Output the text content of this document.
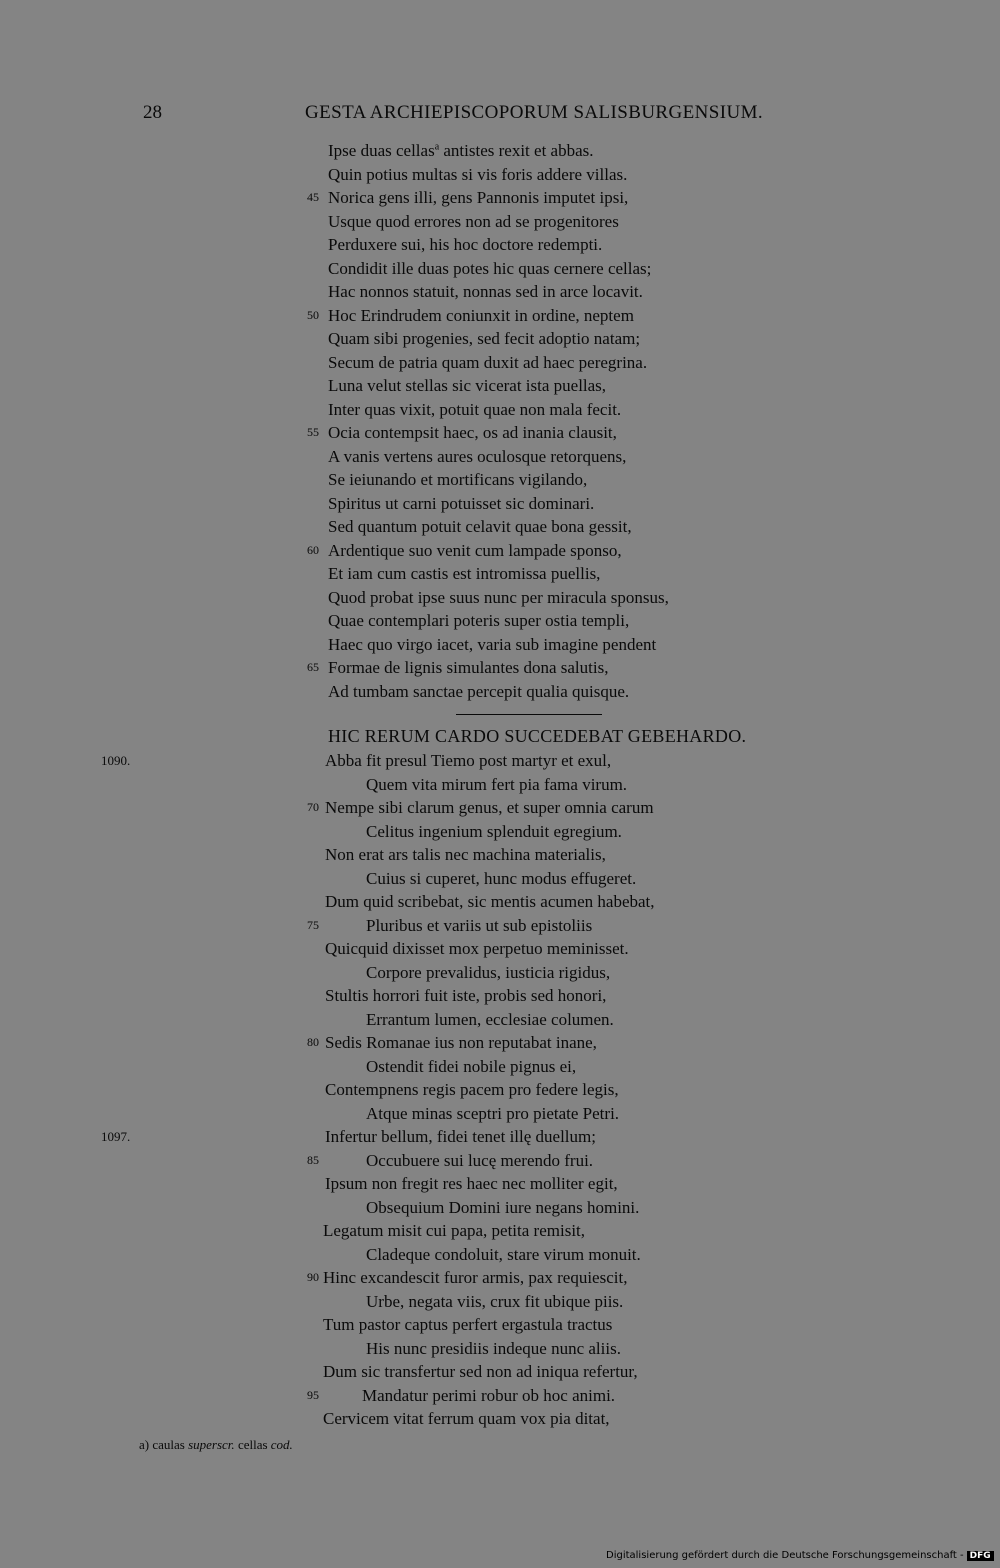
28	GESTA ARCHIEPISCOPORUM SALISBURGENSIUM.
Ipse duas cellas$^a$ antistes rexit et abbas.
Quin potius multas si vis foris addere villas.
45 Norica gens illi, gens Pannonis imputet ipsi,
Usque quod errores non ad se progenitores
Perduxere sui, his hoc doctore redempti.
Condidit ille duas potes hic quas cernere cellas;
Hac nonnos statuit, nonnas sed in arce locavit.
50 Hoc Erindrudem coniunxit in ordine, neptem
Quam sibi progenies, sed fecit adoptio natam;
Secum de patria quam duxit ad haec peregrina.
Luna velut stellas sic vicerat ista puellas,
Inter quas vixit, potuit quae non mala fecit.
55 Ocia contempsit haec, os ad inania clausit,
A vanis vertens aures oculosque retorquens,
Se ieiunando et mortificans vigilando,
Spiritus ut carni potuisset sic dominari.
Sed quantum potuit celavit quae bona gessit,
60 Ardentique suo venit cum lampade sponso,
Et iam cum castis est intromissa puellis,
Quod probat ipse suus nunc per miracula sponsus,
Quae contemplari poteris super ostia templi,
Haec quo virgo iacet, varia sub imagine pendent
65 Formae de lignis simulantes dona salutis,
Ad tumbam sanctae percepit qualia quisque.
HIC RERUM CARDO SUCCEDEBAT GEBEHARDO.
1090.
1097.
Abba fit presul Tiemo post martyr et exul,
Quem vita mirum fert pia fama virum.
70 Nempe sibi clarum genus, et super omnia carum
Celitus ingenium splenduit egregium.
Non erat ars talis nec machina materialis,
Cuius si cuperet, hunc modus effugeret.
Dum quid scribebat, sic mentis acumen habebat,
75	Pluribus et variis ut sub epistoliis
Quicquid dixisset mox perpetuo meminisset.
Corpore prevalidus, iusticia rigidus,
Stultis horrori fuit iste, probis sed honori,
Errantum lumen, ecclesiae columen.
80 Sedis Romanae ius non reputabat inane,
Ostendit fidei nobile pignus ei,
Contempnens regis pacem pro federe legis,
Atque minas sceptri pro pietate Petri.
Infertur bellum, fidei tenet illę duellum;
85	Occubuere sui lucę merendo frui.
Ipsum non fregit res haec nec molliter egit,
Obsequium Domini iure negans homini.
Legatum misit cui papa, petita remisit,
Cladeque condoluit, stare virum monuit.
90 Hinc excandescit furor armis, pax requiescit,
Urbe, negata viis, crux fit ubique piis.
Tum pastor captus perfert ergastula tractus
His nunc presidiis indeque nunc aliis.
Dum sic transfertur sed non ad iniqua refertur,
95	Mandatur perimi robur ob hoc animi.
Cervicem vitat ferrum quam vox pia ditat,
a) caulas superscr. cellas cod.
Digitalisierung gefördert durch die Deutsche Forschungsgemeinschaft - DFG
